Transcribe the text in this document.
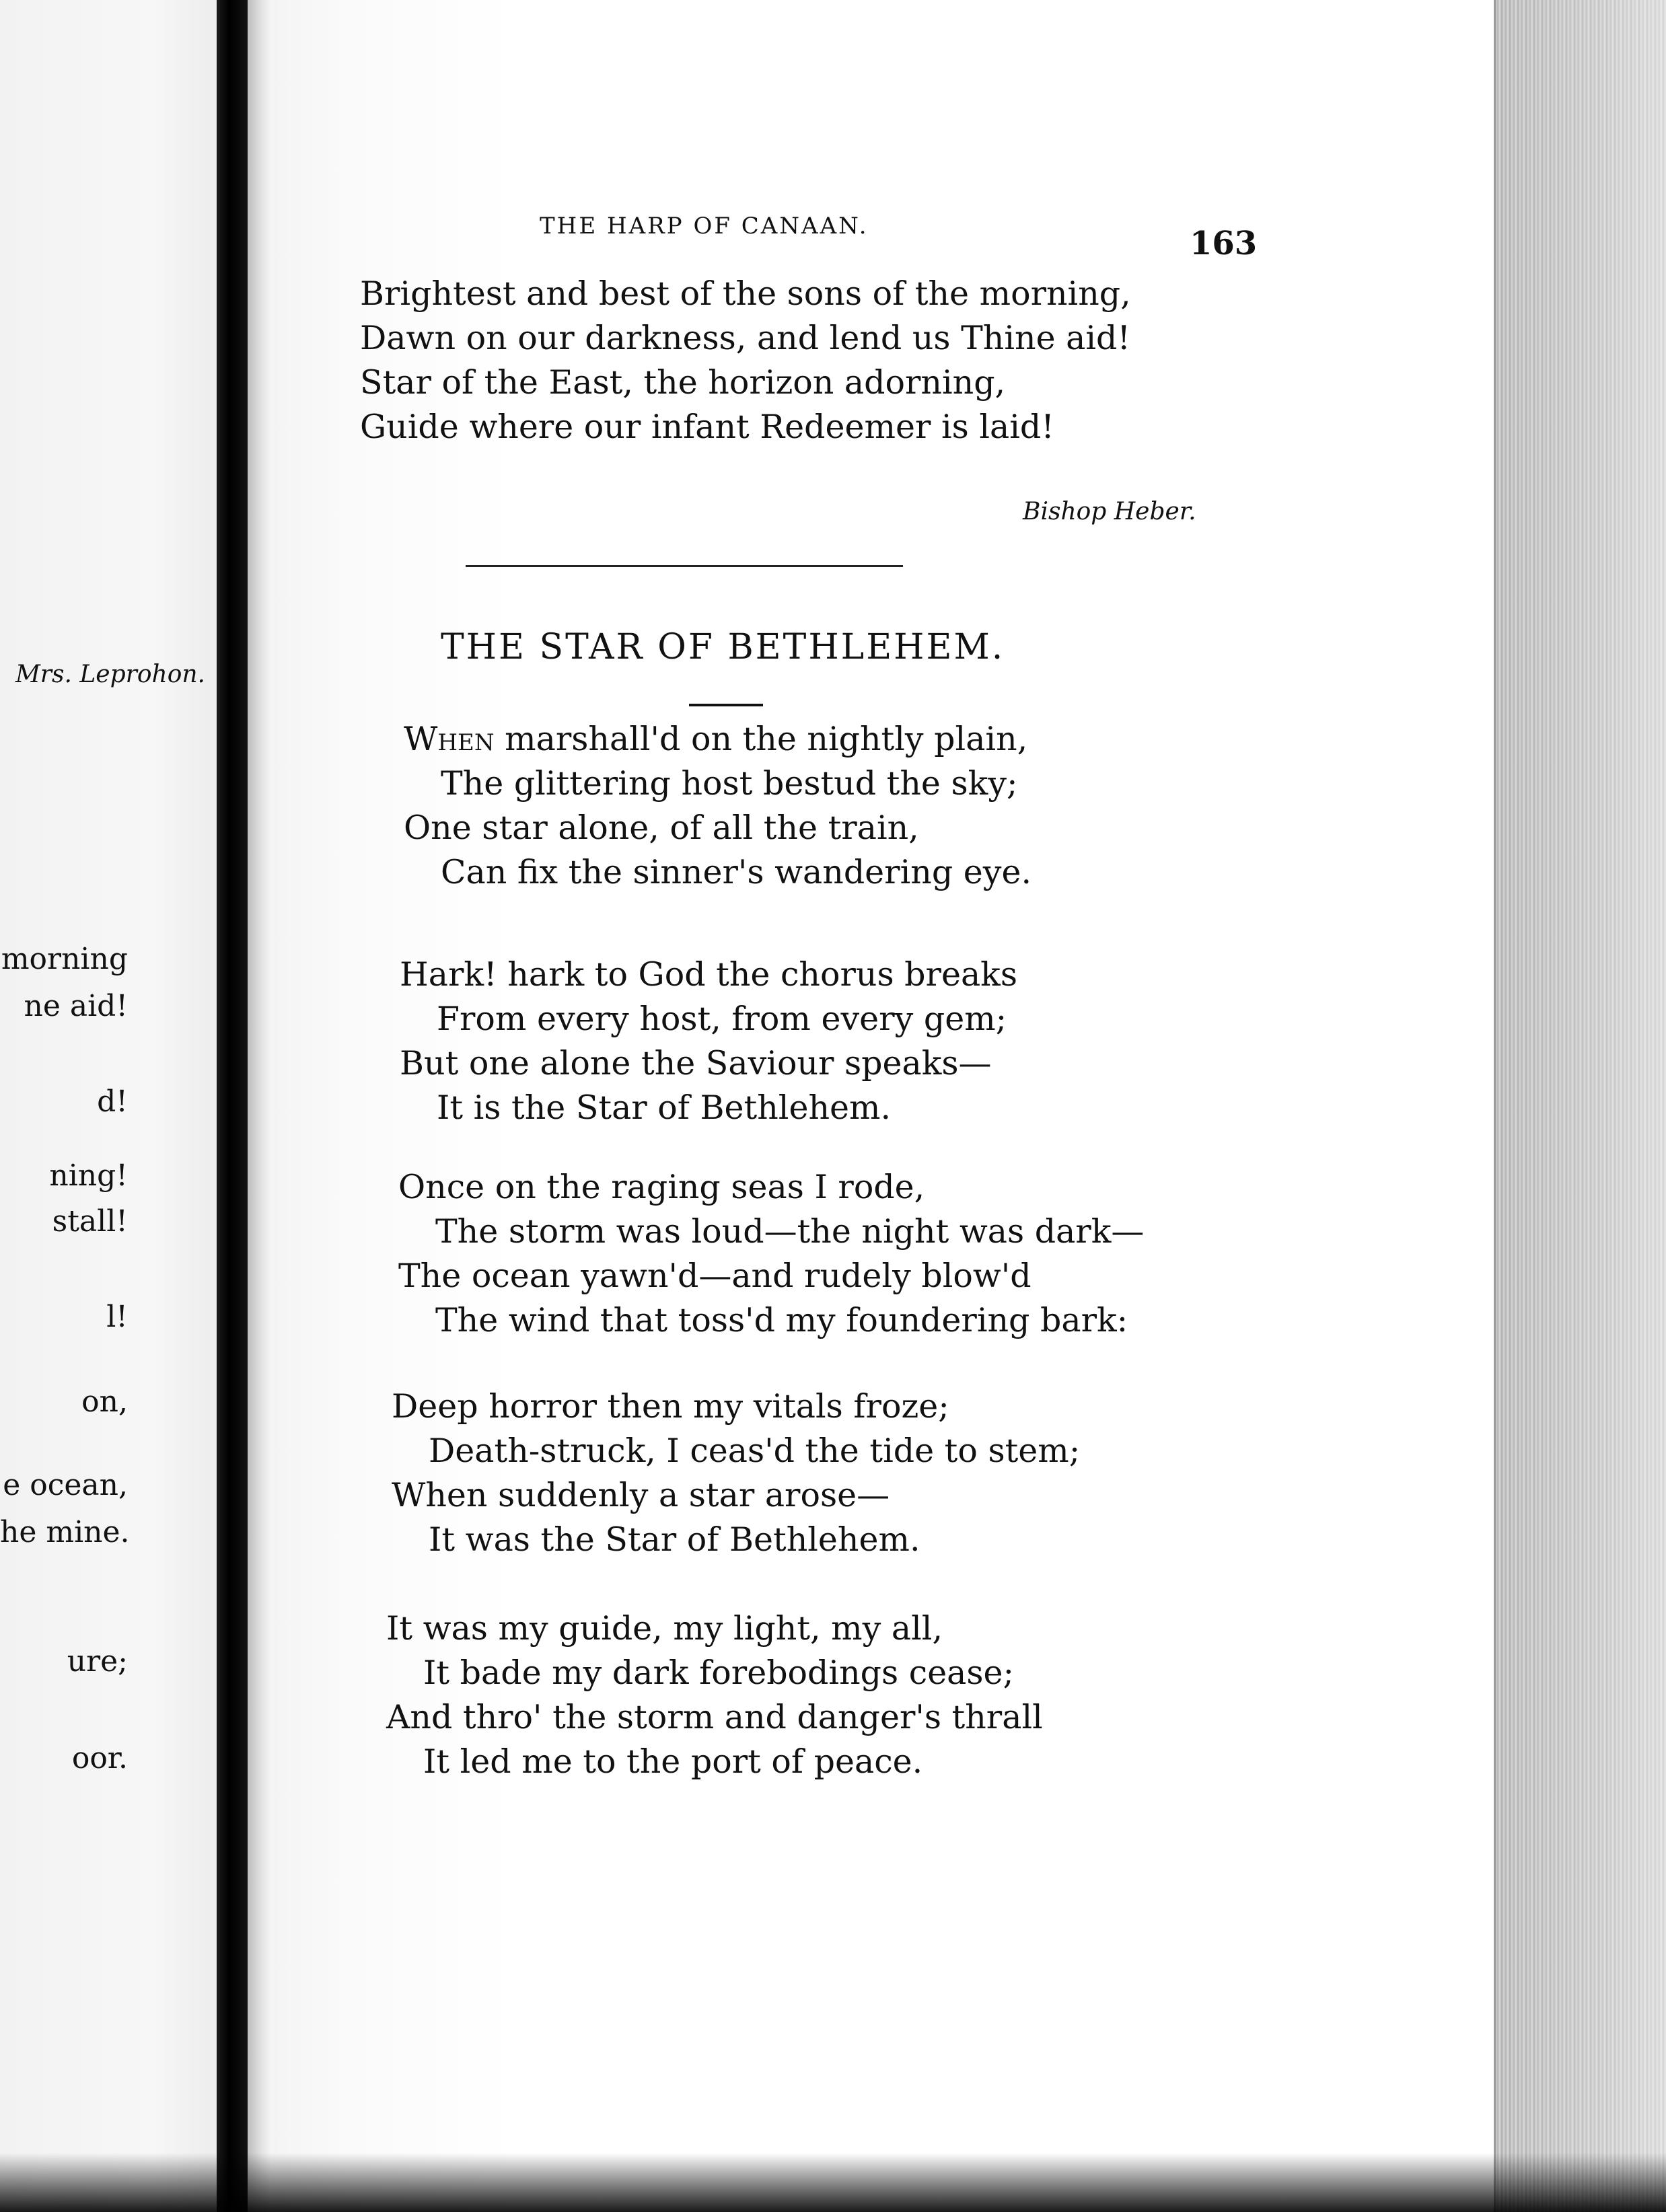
Mrs. Leprohon.
morning
ne aid!
d!
ning!
stall!
l!
on,
e ocean,
he mine.
ure;
oor.
THE HARP OF CANAAN.	163
Brightest and best of the sons of the morning,
Dawn on our darkness, and lend us Thine aid!
Star of the East, the horizon adorning,
Guide where our infant Redeemer is laid!
Bishop Heber.
THE STAR OF BETHLEHEM.
When marshall'd on the nightly plain,
The glittering host bestud the sky;
One star alone, of all the train,
Can fix the sinner's wandering eye.
Hark! hark to God the chorus breaks
From every host, from every gem;
But one alone the Saviour speaks—
It is the Star of Bethlehem.
Once on the raging seas I rode,
The storm was loud—the night was dark—
The ocean yawn'd—and rudely blow'd
The wind that toss'd my foundering bark:
Deep horror then my vitals froze;
Death-struck, I ceas'd the tide to stem;
When suddenly a star arose—
It was the Star of Bethlehem.
It was my guide, my light, my all,
It bade my dark forebodings cease;
And thro' the storm and danger's thrall
It led me to the port of peace.
